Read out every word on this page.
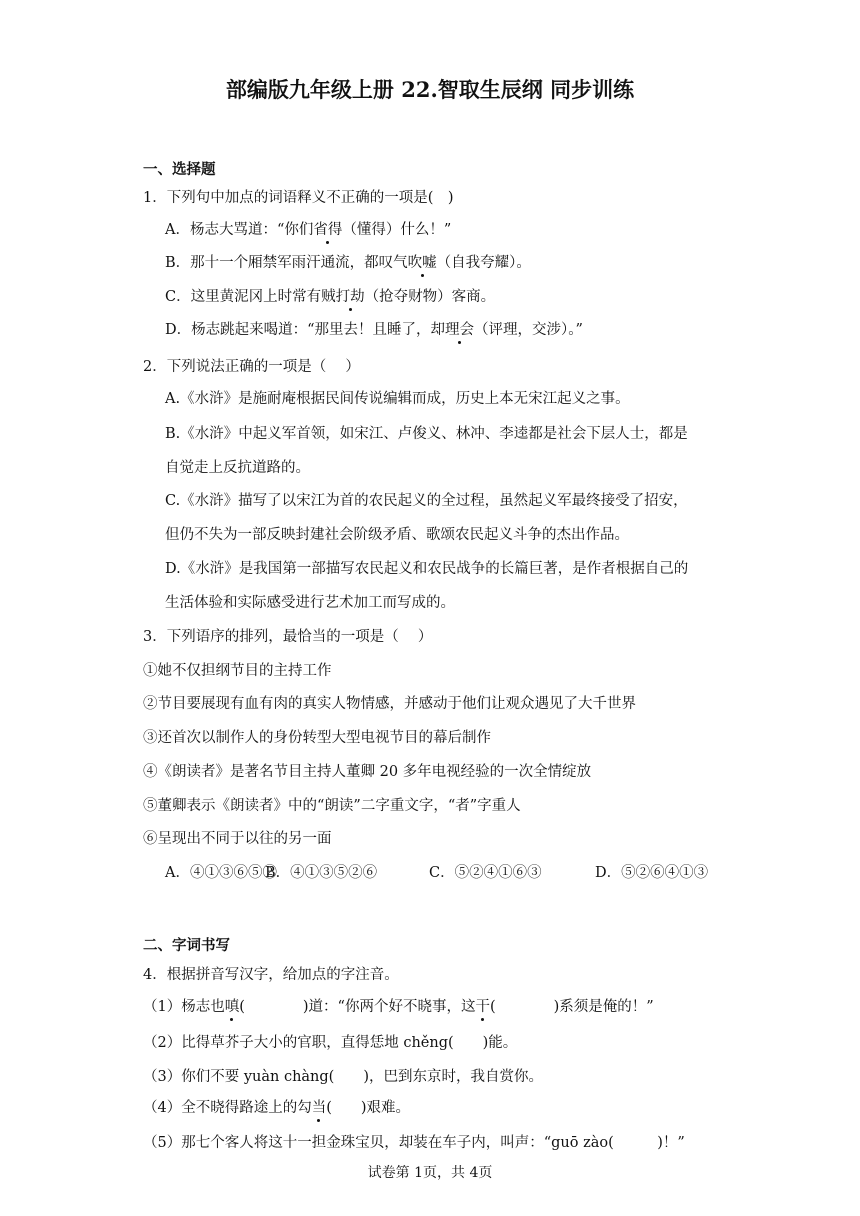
部编版九年级上册 22.智取生辰纲 同步训练
一、选择题
1．下列句中加点的词语释义不正确的一项是(　)
A．杨志大骂道：“你们省得（懂得）什么！”
B．那十一个厢禁军雨汗通流，都叹气吹嘘（自我夸耀）。
C．这里黄泥冈上时常有贼打劫（抢夺财物）客商。
D．杨志跳起来喝道：“那里去！且睡了，却理会（评理，交涉）。”
2．下列说法正确的一项是（　 ）
A.《水浒》是施耐庵根据民间传说编辑而成，历史上本无宋江起义之事。
B.《水浒》中起义军首领，如宋江、卢俊义、林冲、李逵都是社会下层人士，都是
自觉走上反抗道路的。
C.《水浒》描写了以宋江为首的农民起义的全过程，虽然起义军最终接受了招安，
但仍不失为一部反映封建社会阶级矛盾、歌颂农民起义斗争的杰出作品。
D.《水浒》是我国第一部描写农民起义和农民战争的长篇巨著，是作者根据自己的
生活体验和实际感受进行艺术加工而写成的。
3．下列语序的排列，最恰当的一项是（　 ）
①她不仅担纲节目的主持工作
②节目要展现有血有肉的真实人物情感，并感动于他们让观众遇见了大千世界
③还首次以制作人的身份转型大型电视节目的幕后制作
④《朗读者》是著名节目主持人董卿 20 多年电视经验的一次全情绽放
⑤董卿表示《朗读者》中的“朗读”二字重文字，“者”字重人
⑥呈现出不同于以往的另一面
A．④①③⑥⑤②
B．④①③⑤②⑥	C．⑤②④①⑥③	D．⑤②⑥④①③
二、字词书写
4．根据拼音写汉字，给加点的字注音。
（1）杨志也嗔(　　　　)道：“你两个好不晓事，这干(　　　　)系须是俺的！”
（2）比得草芥子大小的官职，直得恁地 chěng(　　)能。
（3）你们不要 yuàn chàng(　　)，巴到东京时，我自赏你。
（4）全不晓得路途上的勾当(　　)艰难。
（5）那七个客人将这十一担金珠宝贝，却装在车子内，叫声：“guō zào(　　　)！”
试卷第 1页，共 4页
